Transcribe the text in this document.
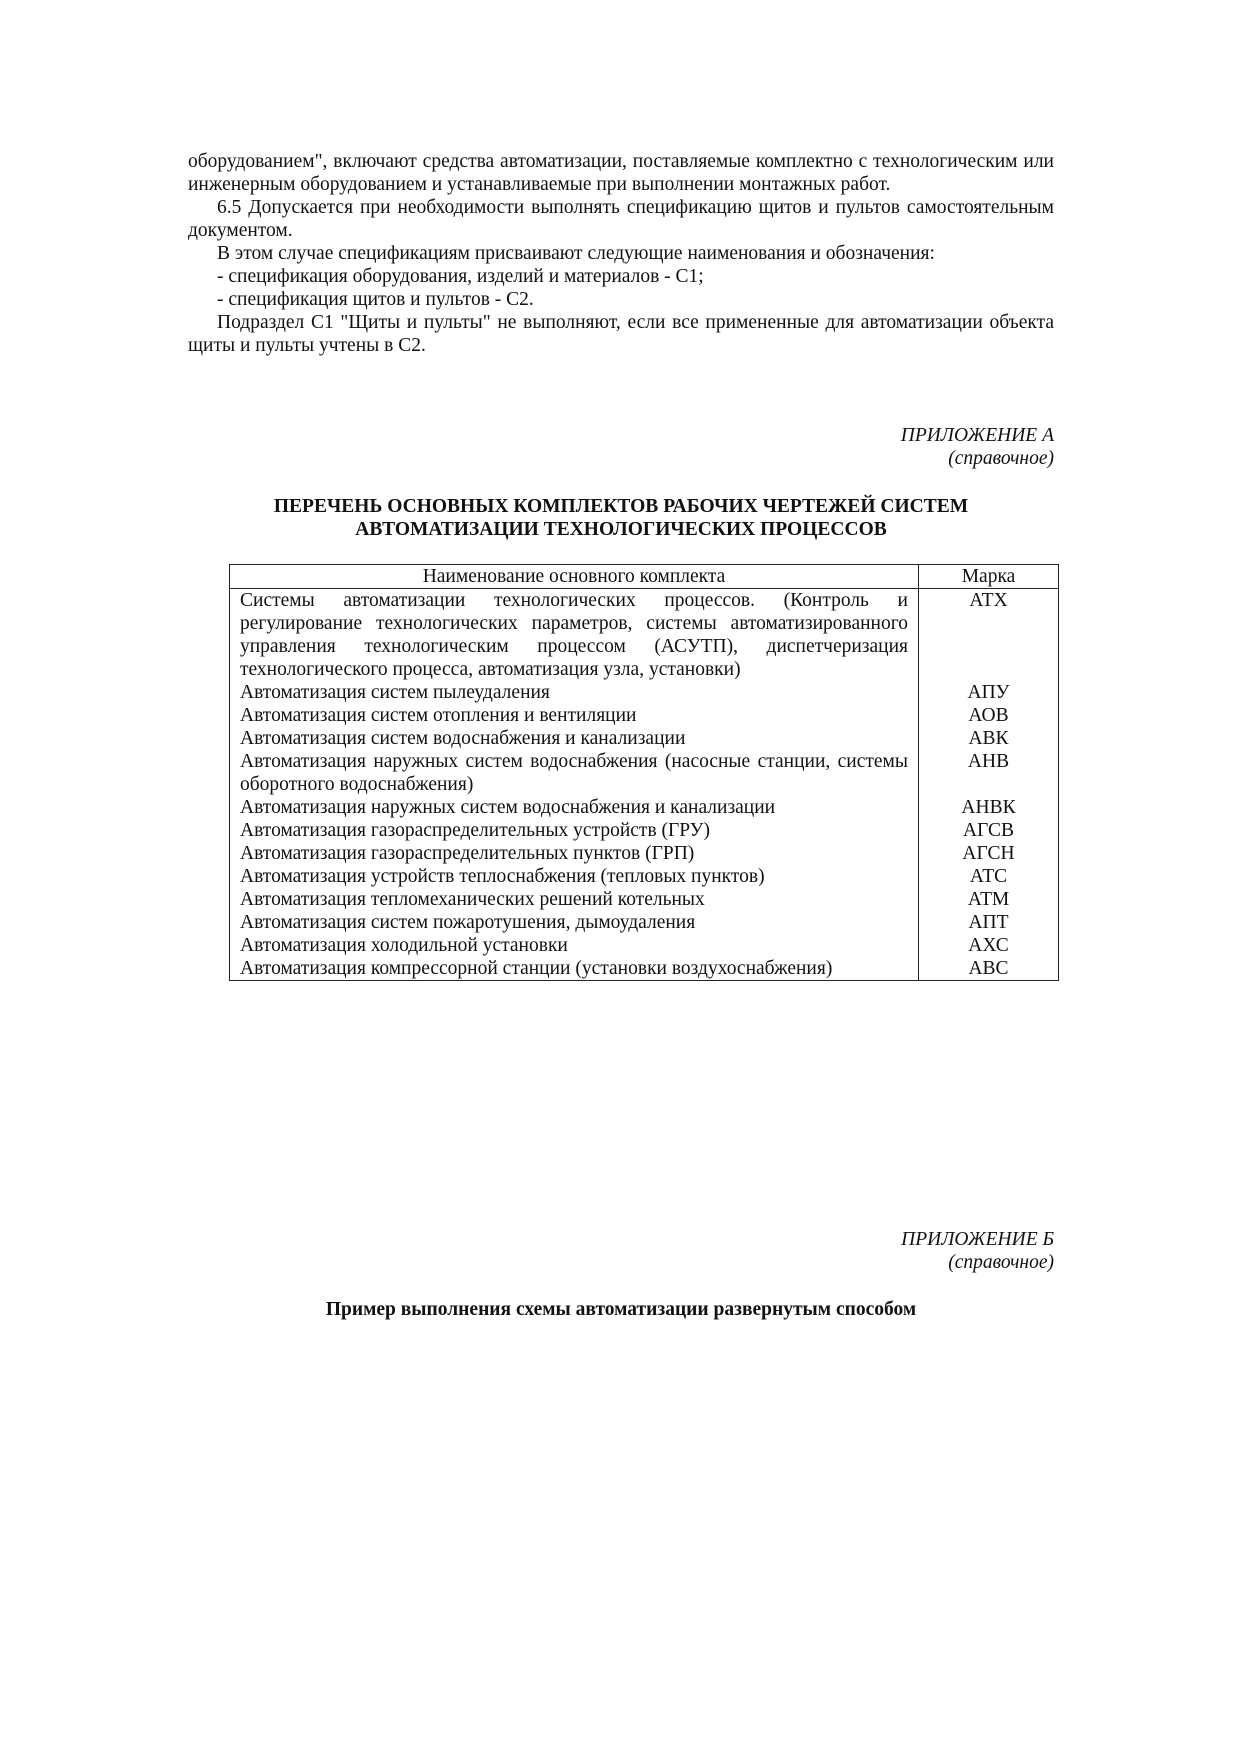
оборудованием", включают средства автоматизации, поставляемые комплектно с технологическим или инженерным оборудованием и устанавливаемые при выполнении монтажных работ.

6.5 Допускается при необходимости выполнять спецификацию щитов и пультов самостоятельным документом.

В этом случае спецификациям присваивают следующие наименования и обозначения:

- спецификация оборудования, изделий и материалов - С1;

- спецификация щитов и пультов - С2.

Подраздел С1 "Щиты и пульты" не выполняют, если все примененные для автоматизации объекта щиты и пульты учтены в С2.

ПРИЛОЖЕНИЕ А
(справочное)
ПЕРЕЧЕНЬ ОСНОВНЫХ КОМПЛЕКТОВ РАБОЧИХ ЧЕРТЕЖЕЙ СИСТЕМ
АВТОМАТИЗАЦИИ ТЕХНОЛОГИЧЕСКИХ ПРОЦЕССОВ
Наименование основного комплекта	Марка
Системы автоматизации технологических процессов. (Контроль и регулирование технологических параметров, системы автоматизированного управления технологическим процессом (АСУТП), диспетчеризация технологического процесса, автоматизация узла, установки)	АТХ
Автоматизация систем пылеудаления	АПУ
Автоматизация систем отопления и вентиляции	АОВ
Автоматизация систем водоснабжения и канализации	АВК
Автоматизация наружных систем водоснабжения (насосные станции, системы оборотного водоснабжения)	АНВ
Автоматизация наружных систем водоснабжения и канализации	АНВК
Автоматизация газораспределительных устройств (ГРУ)	АГСВ
Автоматизация газораспределительных пунктов (ГРП)	АГСН
Автоматизация устройств теплоснабжения (тепловых пунктов)	АТС
Автоматизация тепломеханических решений котельных	АТМ
Автоматизация систем пожаротушения, дымоудаления	АПТ
Автоматизация холодильной установки	АХС
Автоматизация компрессорной станции (установки воздухоснабжения)	АВС
ПРИЛОЖЕНИЕ Б
(справочное)
Пример выполнения схемы автоматизации развернутым способом
